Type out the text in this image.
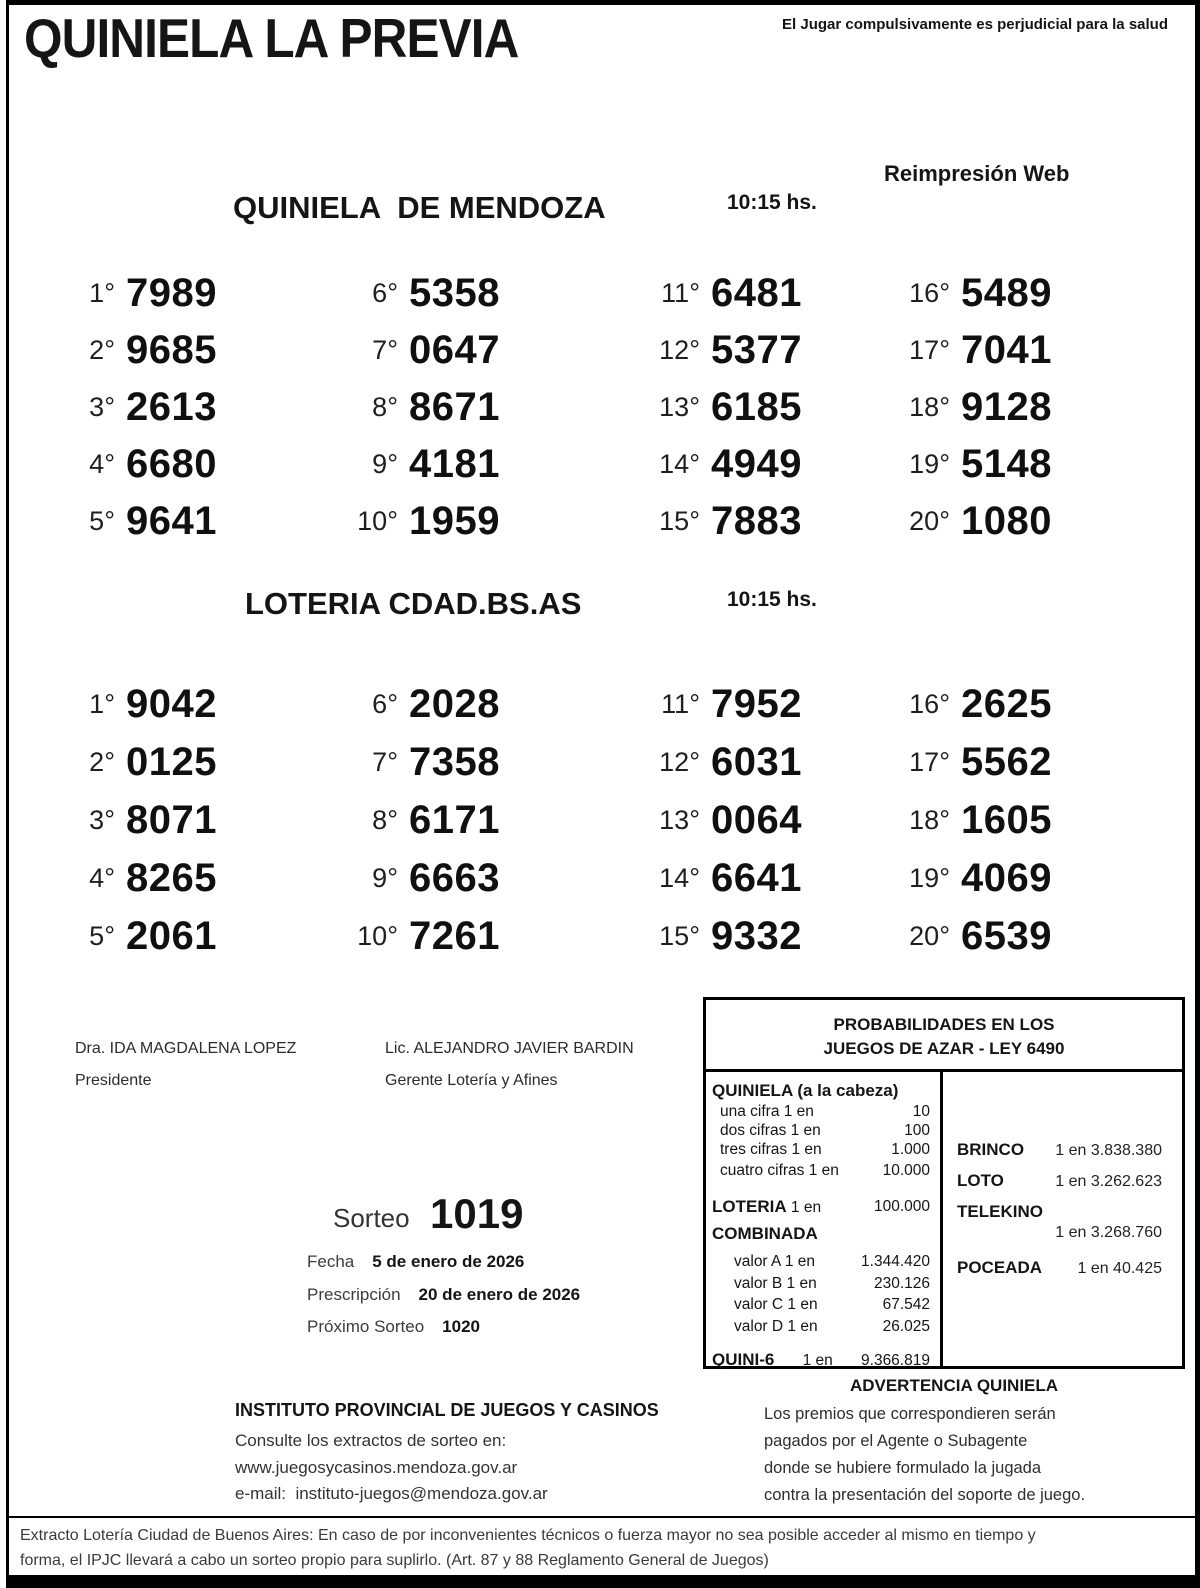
QUINIELA LA PREVIA	El Jugar compulsivamente es perjudicial para la salud
QUINIELA  DE MENDOZA	10:15 hs.
Reimpresión Web
1° 7989	6° 5358	11° 6481	16° 5489
2° 9685	7° 0647	12° 5377	17° 7041
3° 2613	8° 8671	13° 6185	18° 9128
4° 6680	9° 4181	14° 4949	19° 5148
5° 9641	10° 1959	15° 7883	20° 1080
LOTERIA CDAD.BS.AS	10:15 hs.
1° 9042	6° 2028	11° 7952	16° 2625
2° 0125	7° 7358	12° 6031	17° 5562
3° 8071	8° 6171	13° 0064	18° 1605
4° 8265	9° 6663	14° 6641	19° 4069
5° 2061	10° 7261	15° 9332	20° 6539
Dra. IDA MAGDALENA LOPEZ
Presidente
Lic. ALEJANDRO JAVIER BARDIN
Gerente Lotería y Afines
Sorteo 1019
Fecha 5 de enero de 2026
Prescripción 20 de enero de 2026
Próximo Sorteo 1020
PROBABILIDADES EN LOS
JUEGOS DE AZAR - LEY 6490
QUINIELA (a la cabeza)
una cifra 1 en	10
dos cifras 1 en	100
tres cifras 1 en	1.000
cuatro cifras 1 en	10.000
LOTERIA 1 en	100.000
COMBINADA
valor A 1 en	1.344.420
valor B 1 en	230.126
valor C 1 en	67.542
valor D 1 en	26.025
QUINI-6 1 en 9.366.819
BRINCO 1 en 3.838.380
LOTO	1 en 3.262.623
TELEKINO
1 en 3.268.760
POCEADA 1 en 40.425
ADVERTENCIA QUINIELA
Los premios que correspondieren serán
pagados por el Agente o Subagente
donde se hubiere formulado la jugada
contra la presentación del soporte de juego.
INSTITUTO PROVINCIAL DE JUEGOS Y CASINOS
Consulte los extractos de sorteo en:
www.juegosycasinos.mendoza.gov.ar
e-mail:  instituto-juegos@mendoza.gov.ar
Extracto Lotería Ciudad de Buenos Aires: En caso de por inconvenientes técnicos o fuerza mayor no sea posible acceder al mismo en tiempo y
forma, el IPJC llevará a cabo un sorteo propio para suplirlo. (Art. 87 y 88 Reglamento General de Juegos)
